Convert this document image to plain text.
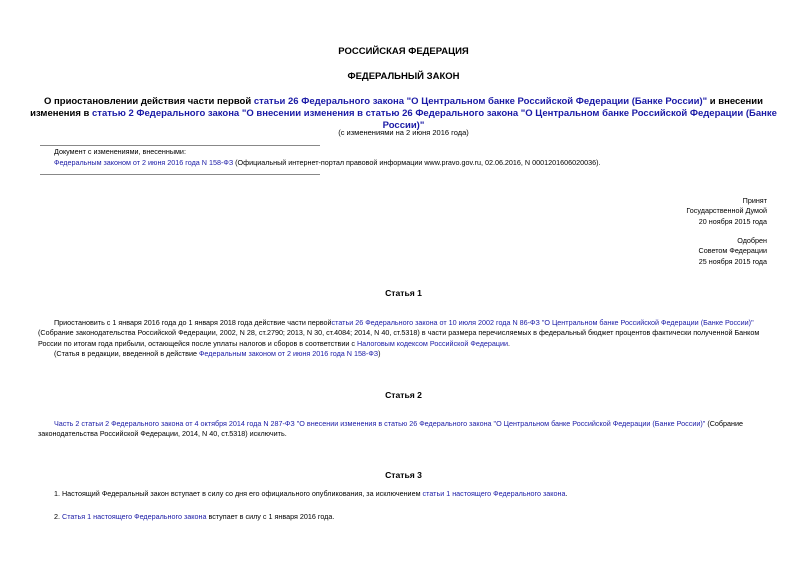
РОССИЙСКАЯ ФЕДЕРАЦИЯ
ФЕДЕРАЛЬНЫЙ ЗАКОН
О приостановлении действия части первой статьи 26 Федерального закона "О Центральном банке Российской Федерации (Банке России)" и внесении изменения в статью 2 Федерального закона "О внесении изменения в статью 26 Федерального закона "О Центральном банке Российской Федерации (Банке России)"
(с изменениями на 2 июня 2016 года)
Документ с изменениями, внесенными:
Федеральным законом от 2 июня 2016 года N 158-ФЗ (Официальный интернет-портал правовой информации www.pravo.gov.ru, 02.06.2016, N 0001201606020036).
Принят
Государственной Думой
20 ноября 2015 года
Одобрен
Советом Федерации
25 ноября 2015 года
Статья 1
Приостановить с 1 января 2016 года до 1 января 2018 года действие части первойстатьи 26 Федерального закона от 10 июля 2002 года N 86-ФЗ "О Центральном банке Российской Федерации (Банке России)" (Собрание законодательства Российской Федерации, 2002, N 28, ст.2790; 2013, N 30, ст.4084; 2014, N 40, ст.5318) в части размера перечисляемых в федеральный бюджет процентов фактически полученной Банком России по итогам года прибыли, остающейся после уплаты налогов и сборов в соответствии с Налоговым кодексом Российской Федерации.
(Статья в редакции, введенной в действие Федеральным законом от 2 июня 2016 года N 158-ФЗ)
Статья 2
Часть 2 статьи 2 Федерального закона от 4 октября 2014 года N 287-ФЗ "О внесении изменения в статью 26 Федерального закона "О Центральном банке Российской Федерации (Банке России)" (Собрание законодательства Российской Федерации, 2014, N 40, ст.5318) исключить.
Статья 3
1. Настоящий Федеральный закон вступает в силу со дня его официального опубликования, за исключением статьи 1 настоящего Федерального закона.
2. Статья 1 настоящего Федерального закона вступает в силу с 1 января 2016 года.
